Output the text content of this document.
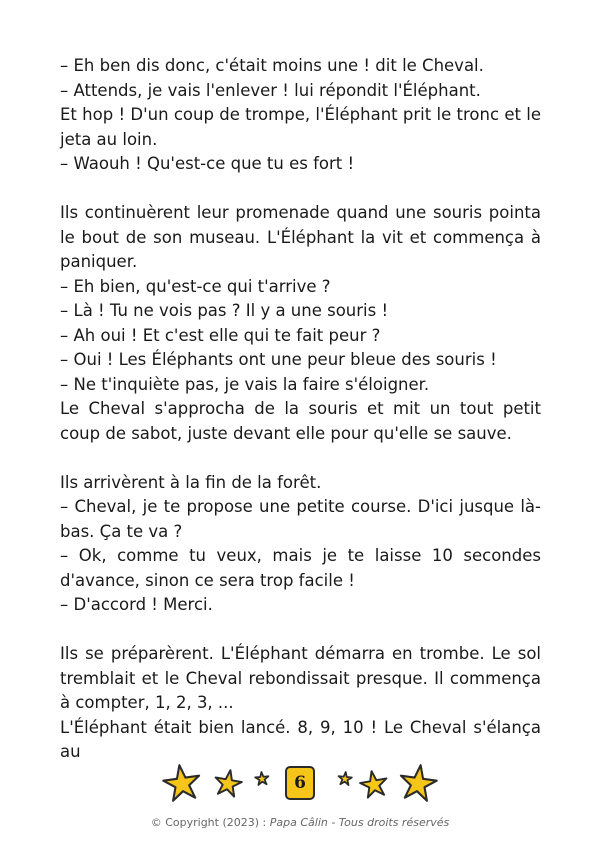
– Eh ben dis donc, c'était moins une ! dit le Cheval.

– Attends, je vais l'enlever ! lui répondit l'Éléphant.

Et hop ! D'un coup de trompe, l'Éléphant prit le tronc et le jeta au loin.

– Waouh ! Qu'est-ce que tu es fort !

Ils continuèrent leur promenade quand une souris pointa le bout de son museau. L'Éléphant la vit et commença à paniquer.

– Eh bien, qu'est-ce qui t'arrive ?

– Là ! Tu ne vois pas ? Il y a une souris !

– Ah oui ! Et c'est elle qui te fait peur ?

– Oui ! Les Éléphants ont une peur bleue des souris !

– Ne t'inquiète pas, je vais la faire s'éloigner.

Le Cheval s'approcha de la souris et mit un tout petit coup de sabot, juste devant elle pour qu'elle se sauve.

Ils arrivèrent à la fin de la forêt.

– Cheval, je te propose une petite course. D'ici jusque là-bas. Ça te va ?

– Ok, comme tu veux, mais je te laisse 10 secondes d'avance, sinon ce sera trop facile !

– D'accord ! Merci.

Ils se préparèrent. L'Éléphant démarra en trombe. Le sol tremblait et le Cheval rebondissait presque. Il commença à compter, 1, 2, 3, ...

L'Éléphant était bien lancé. 8, 9, 10 ! Le Cheval s'élança au

6
© Copyright (2023) : Papa Câlin - Tous droits réservés
